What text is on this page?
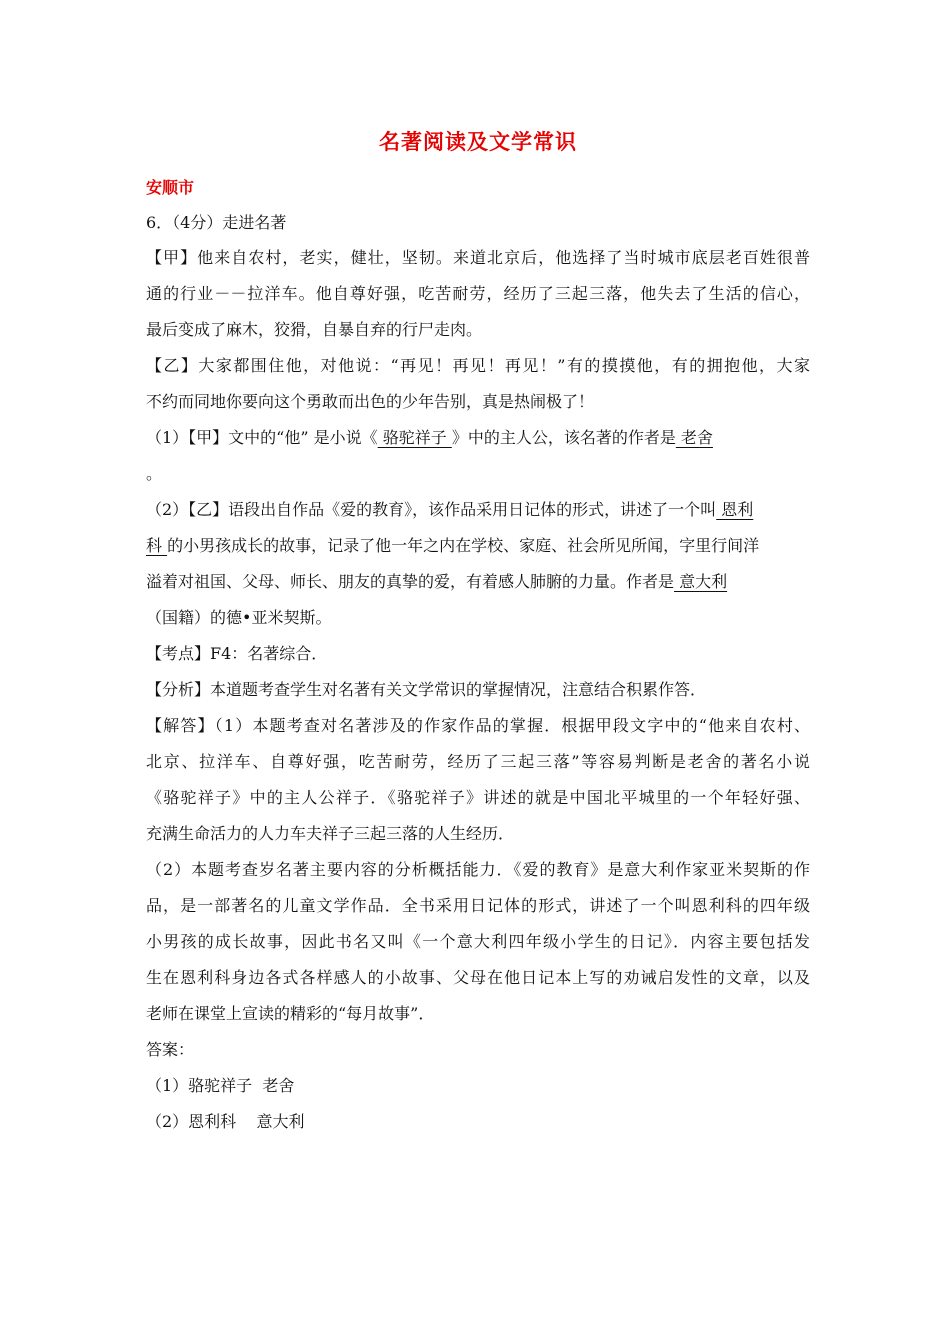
名著阅读及文学常识
安顺市
6．（4分）走进名著
【甲】他来自农村，老实，健壮，坚韧。来道北京后，他选择了当时城市底层老百姓很普
通的行业－－拉洋车。他自尊好强，吃苦耐劳，经历了三起三落，他失去了生活的信心，
最后变成了麻木，狡猾，自暴自弃的行尸走肉。
【乙】大家都围住他，对他说：“再见！再见！再见！”有的摸摸他，有的拥抱他，大家
不约而同地你要向这个勇敢而出色的少年告别，真是热闹极了！
（1）【甲】文中的“他” 是小说《 骆驼祥子 》中的主人公，该名著的作者是 老舍
。
（2）【乙】语段出自作品《爱的教育》，该作品采用日记体的形式，讲述了一个叫 恩利
科 的小男孩成长的故事，记录了他一年之内在学校、家庭、社会所见所闻，字里行间洋
溢着对祖国、父母、师长、朋友的真挚的爱，有着感人肺腑的力量。作者是 意大利
（国籍）的德•亚米契斯。
【考点】F4：名著综合．
【分析】本道题考查学生对名著有关文学常识的掌握情况，注意结合积累作答．
【解答】（1）本题考查对名著涉及的作家作品的掌握．根据甲段文字中的“他来自农村、
北京、拉洋车、自尊好强，吃苦耐劳，经历了三起三落”等容易判断是老舍的著名小说
《骆驼祥子》中的主人公祥子．《骆驼祥子》讲述的就是中国北平城里的一个年轻好强、
充满生命活力的人力车夫祥子三起三落的人生经历．
（2）本题考查岁名著主要内容的分析概括能力．《爱的教育》是意大利作家亚米契斯的作
品，是一部著名的儿童文学作品．全书采用日记体的形式，讲述了一个叫恩利科的四年级
小男孩的成长故事，因此书名又叫《一个意大利四年级小学生的日记》．内容主要包括发
生在恩利科身边各式各样感人的小故事、父母在他日记本上写的劝诫启发性的文章，以及
老师在课堂上宣读的精彩的“每月故事”．
答案：
（1）骆驼祥子  老舍
（2）恩利科    意大利
